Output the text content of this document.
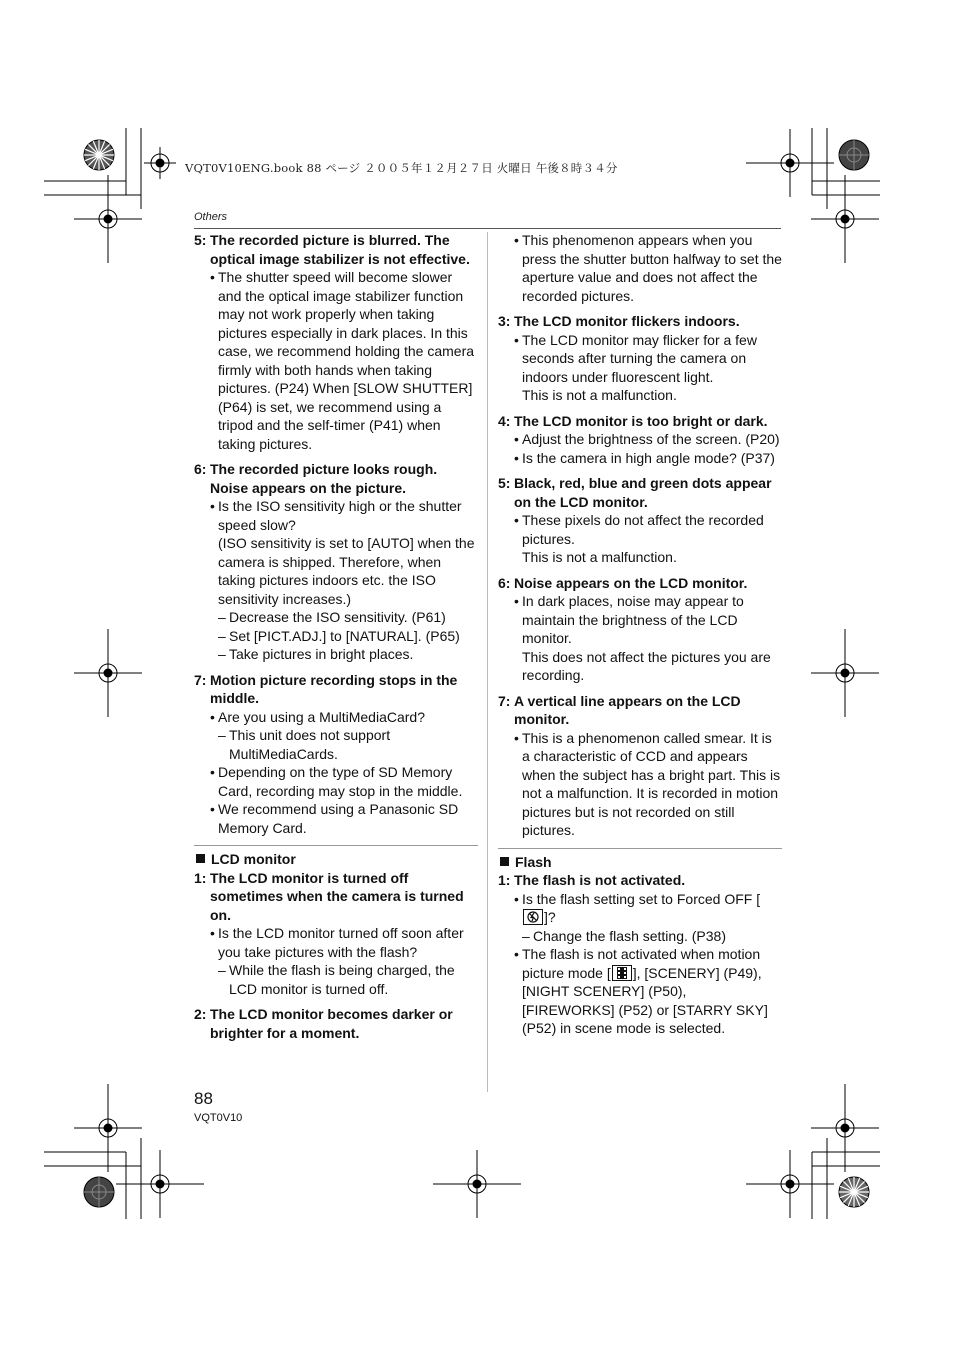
VQT0V10ENG.book 88 ページ ２００５年１２月２７日 火曜日 午後８時３４分
Others
5: The recorded picture is blurred. The optical image stabilizer is not effective.
• The shutter speed will become slower and the optical image stabilizer function may not work properly when taking pictures especially in dark places. In this case, we recommend holding the camera firmly with both hands when taking pictures. (P24) When [SLOW SHUTTER] (P64) is set, we recommend using a tripod and the self-timer (P41) when taking pictures.
6: The recorded picture looks rough. Noise appears on the picture.
• Is the ISO sensitivity high or the shutter speed slow?
(ISO sensitivity is set to [AUTO] when the camera is shipped. Therefore, when taking pictures indoors etc. the ISO sensitivity increases.)
– Decrease the ISO sensitivity. (P61)
– Set [PICT.ADJ.] to [NATURAL]. (P65)
– Take pictures in bright places.
7: Motion picture recording stops in the middle.
• Are you using a MultiMediaCard?
– This unit does not support MultiMediaCards.
• Depending on the type of SD Memory Card, recording may stop in the middle.
• We recommend using a Panasonic SD Memory Card.
LCD monitor
1: The LCD monitor is turned off sometimes when the camera is turned on.
• Is the LCD monitor turned off soon after you take pictures with the flash?
– While the flash is being charged, the LCD monitor is turned off.
2: The LCD monitor becomes darker or brighter for a moment.
• This phenomenon appears when you press the shutter button halfway to set the aperture value and does not affect the recorded pictures.
3: The LCD monitor flickers indoors.
• The LCD monitor may flicker for a few seconds after turning the camera on indoors under fluorescent light.
This is not a malfunction.
4: The LCD monitor is too bright or dark.
• Adjust the brightness of the screen. (P20)
• Is the camera in high angle mode? (P37)
5: Black, red, blue and green dots appear on the LCD monitor.
• These pixels do not affect the recorded pictures.
This is not a malfunction.
6: Noise appears on the LCD monitor.
• In dark places, noise may appear to maintain the brightness of the LCD monitor.
This does not affect the pictures you are recording.
7: A vertical line appears on the LCD monitor.
• This is a phenomenon called smear. It is a characteristic of CCD and appears when the subject has a bright part. This is not a malfunction. It is recorded in motion pictures but is not recorded on still pictures.
Flash
1: The flash is not activated.
• Is the flash setting set to Forced OFF []?
– Change the flash setting. (P38)
• The flash is not activated when motion picture mode [ ], [SCENERY] (P49), [NIGHT SCENERY] (P50), [FIREWORKS] (P52) or [STARRY SKY] (P52) in scene mode is selected.
88
VQT0V10
